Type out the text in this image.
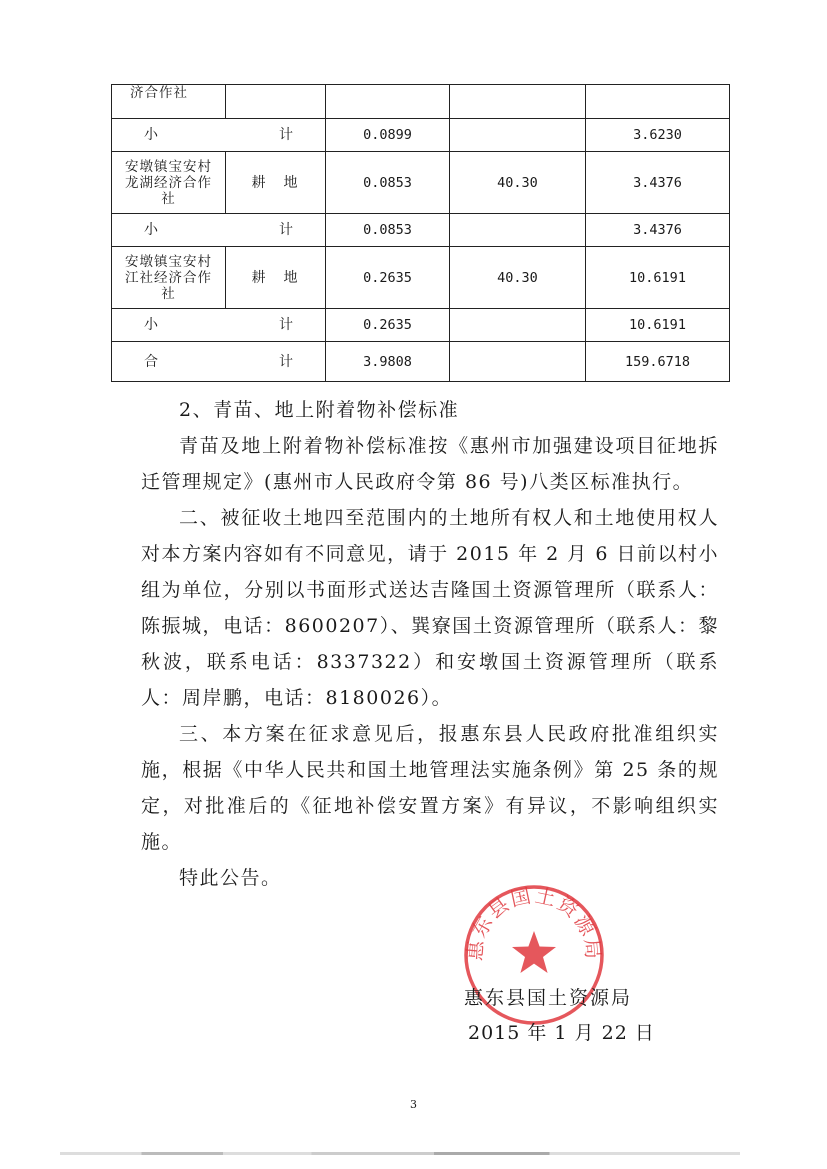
济合作社				

小 计		0.0899		3.6230
安墩镇宝安村龙湖经济合作社	耕　地	0.0853	40.30	3.4376

小 计		0.0853		3.4376
安墩镇宝安村江社经济合作社	耕　地	0.2635	40.30	10.6191

小 计		0.2635		10.6191

合 计		3.9808		159.6718

2、青苗、地上附着物补偿标准

青苗及地上附着物补偿标准按《惠州市加强建设项目征地拆迁管理规定》(惠州市人民政府令第 86 号)八类区标准执行。

二、被征收土地四至范围内的土地所有权人和土地使用权人对本方案内容如有不同意见，请于 2015 年 2 月 6 日前以村小组为单位，分别以书面形式送达吉隆国土资源管理所（联系人：陈振城，电话：8600207）、巽寮国土资源管理所（联系人：黎秋波，联系电话：8337322）和安墩国土资源管理所（联系人：周岸鹏，电话：8180026）。

三、本方案在征求意见后，报惠东县人民政府批准组织实施，根据《中华人民共和国土地管理法实施条例》第 25 条的规定，对批准后的《征地补偿安置方案》有异议，不影响组织实施。

特此公告。

惠东县国土资源局
惠东县国土资源局
2015 年 1 月 22 日
3
